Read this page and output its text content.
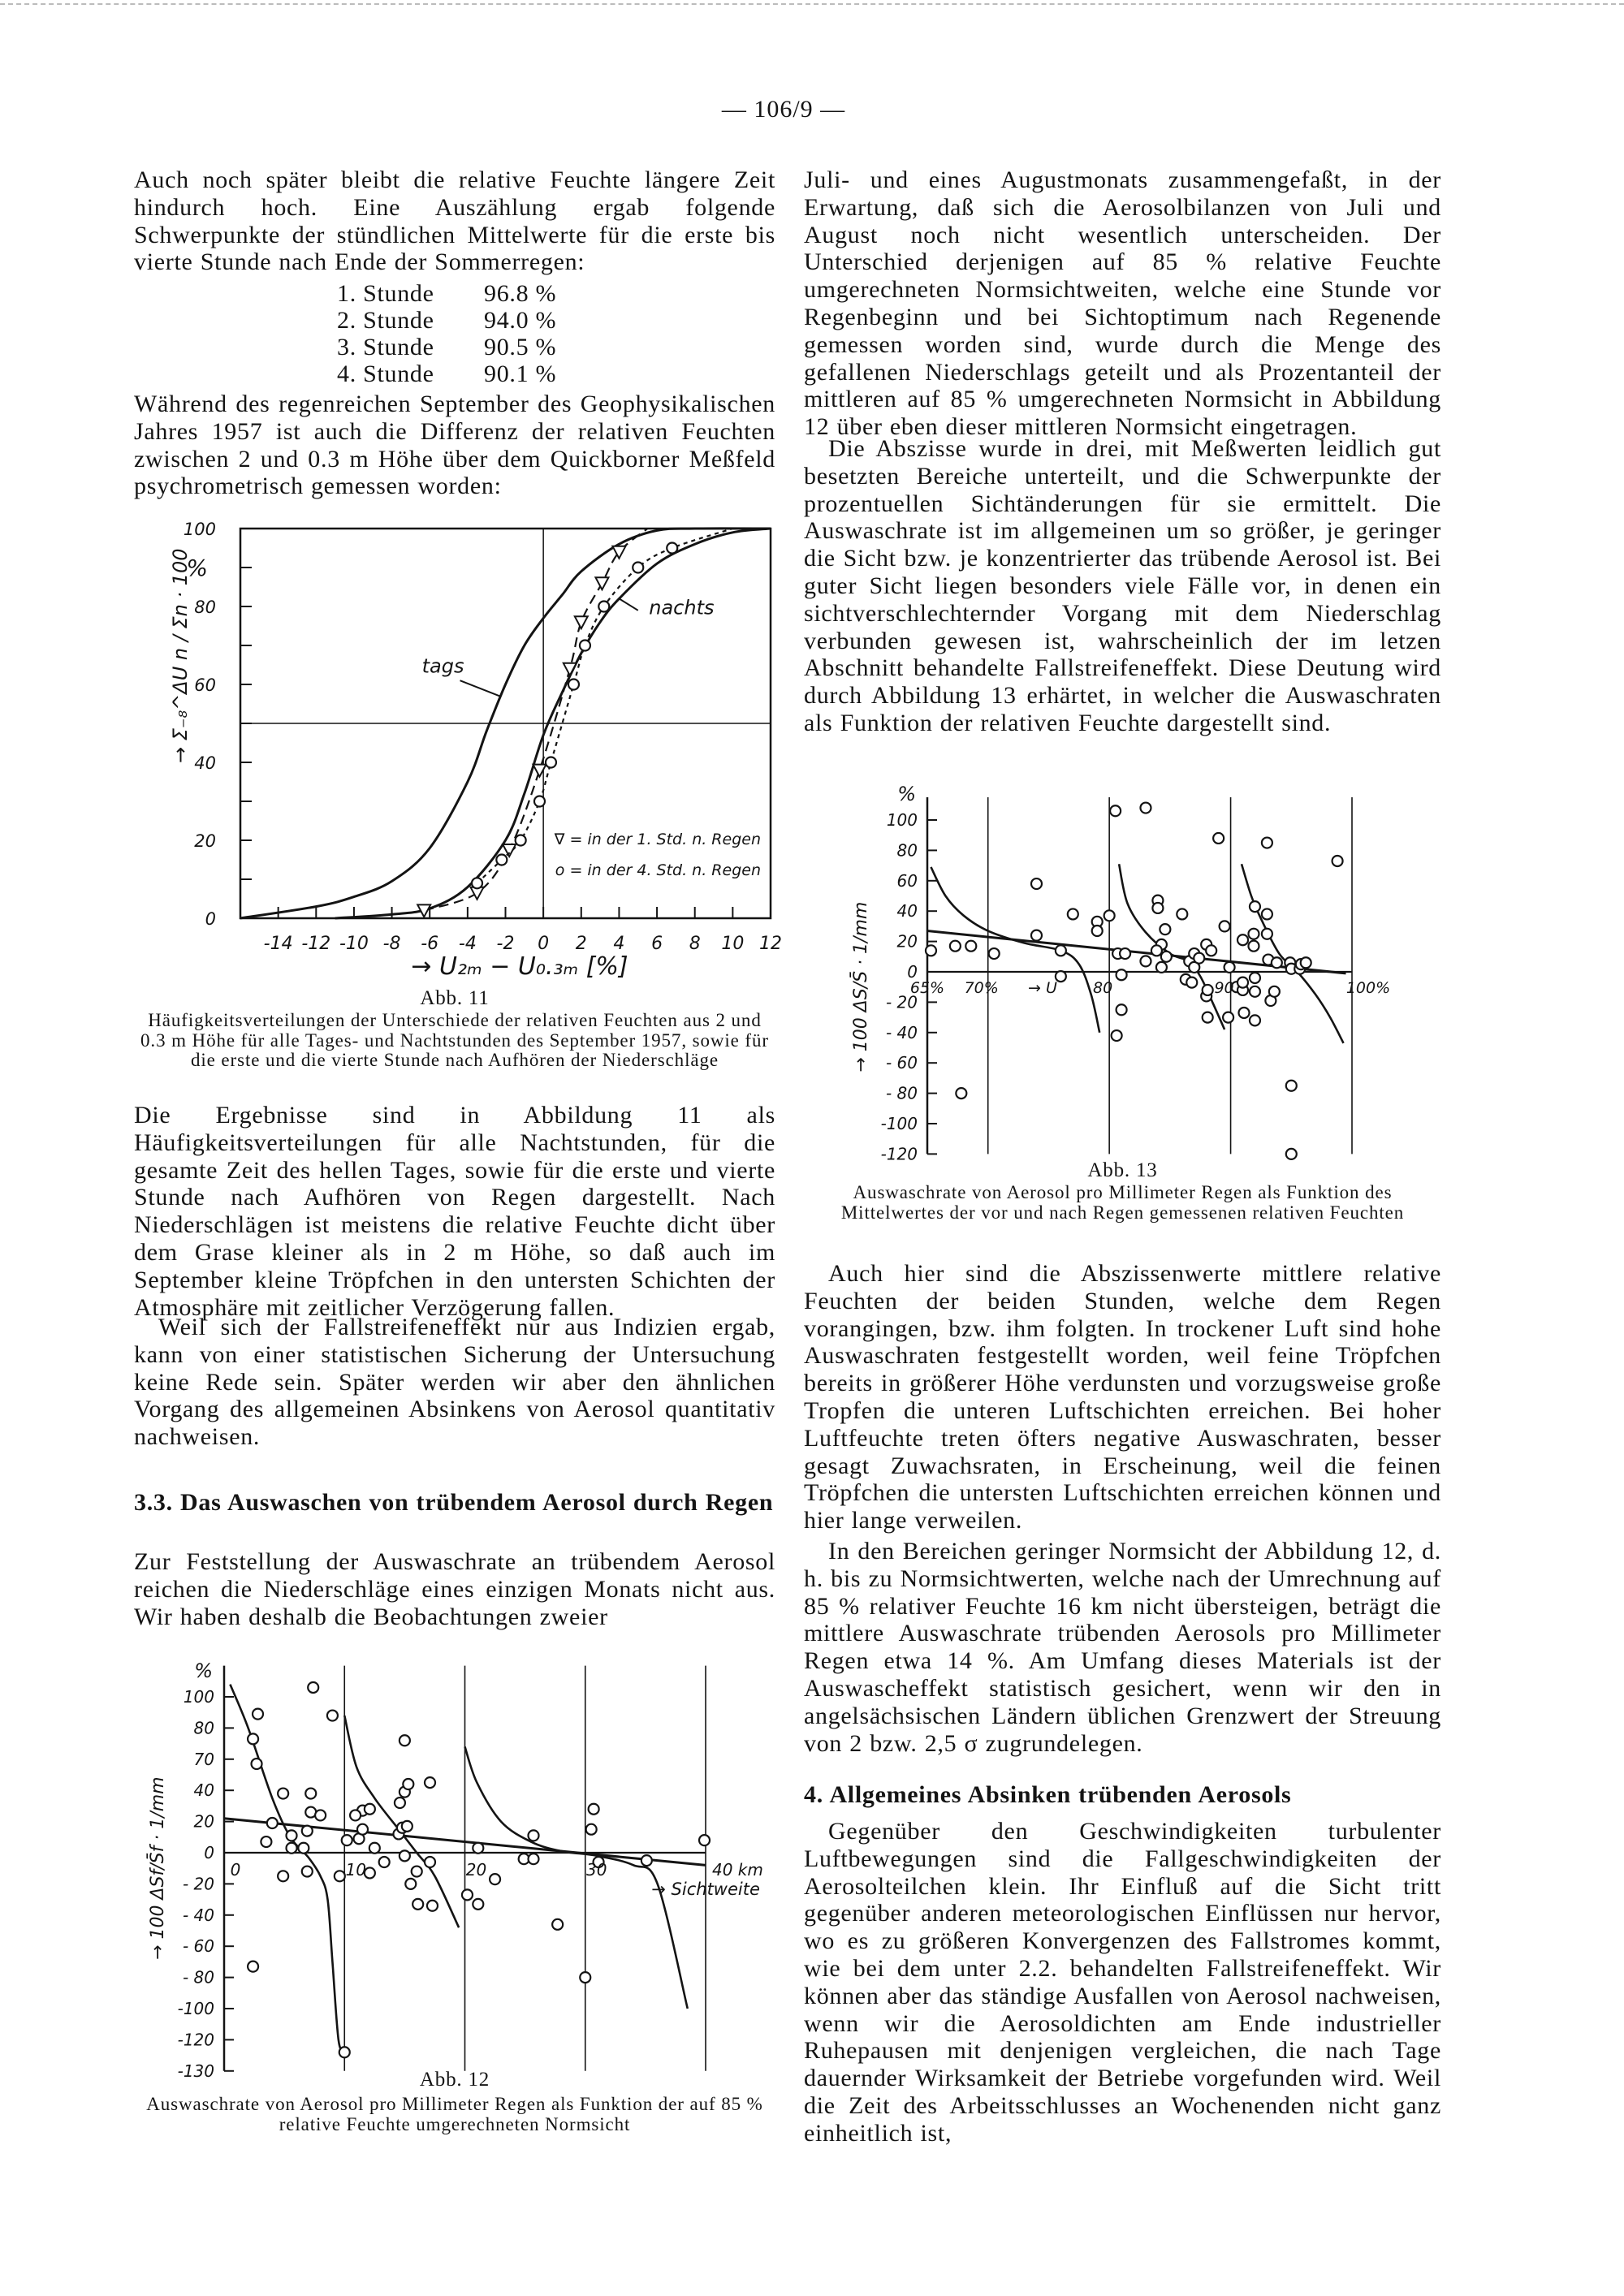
— 106/9 —

Auch noch später bleibt die relative Feuchte längere Zeit hindurch hoch. Eine Auszählung ergab folgende Schwerpunkte der stündlichen Mittelwerte für die erste bis vierte Stunde nach Ende der Sommerregen:

1. Stunde	96.8 %
2. Stunde	94.0 %
3. Stunde	90.5 %
4. Stunde	90.1 %

Während des regenreichen September des Geophysikalischen Jahres 1957 ist auch die Differenz der relativen Feuchten zwischen 2 und 0.3 m Höhe über dem Quickborner Meßfeld psychrometrisch gemessen worden:

Abb. 11
Häufigkeitsverteilungen der Unterschiede der relativen Feuchten aus 2 und 0.3 m Höhe für alle Tages- und Nachtstunden des September 1957, sowie für die erste und die vierte Stunde nach Aufhören der Niederschläge

Die Ergebnisse sind in Abbildung 11 als Häufigkeitsverteilungen für alle Nachtstunden, für die gesamte Zeit des hellen Tages, sowie für die erste und vierte Stunde nach Aufhören von Regen dargestellt. Nach Niederschlägen ist meistens die relative Feuchte dicht über dem Grase kleiner als in 2 m Höhe, so daß auch im September kleine Tröpfchen in den untersten Schichten der Atmosphäre mit zeitlicher Verzögerung fallen.

Weil sich der Fallstreifeneffekt nur aus Indizien ergab, kann von einer statistischen Sicherung der Untersuchung keine Rede sein. Später werden wir aber den ähnlichen Vorgang des allgemeinen Absinkens von Aerosol quantitativ nachweisen.

3.3. Das Auswaschen von trübendem Aerosol durch Regen

Zur Feststellung der Auswaschrate an trübendem Aerosol reichen die Niederschläge eines einzigen Monats nicht aus. Wir haben deshalb die Beobachtungen zweier

Abb. 12
Auswaschrate von Aerosol pro Millimeter Regen als Funktion der auf 85 % relative Feuchte umgerechneten Normsicht

Juli- und eines Augustmonats zusammengefaßt, in der Erwartung, daß sich die Aerosolbilanzen von Juli und August noch nicht wesentlich unterscheiden. Der Unterschied derjenigen auf 85 % relative Feuchte umgerechneten Normsichtweiten, welche eine Stunde vor Regenbeginn und bei Sichtoptimum nach Regenende gemessen worden sind, wurde durch die Menge des gefallenen Niederschlags geteilt und als Prozentanteil der mittleren auf 85 % umgerechneten Normsicht in Abbildung 12 über eben dieser mittleren Normsicht eingetragen.

Die Abszisse wurde in drei, mit Meßwerten leidlich gut besetzten Bereiche unterteilt, und die Schwerpunkte der prozentuellen Sichtänderungen für sie ermittelt. Die Auswaschrate ist im allgemeinen um so größer, je geringer die Sicht bzw. je konzentrierter das trübende Aerosol ist. Bei guter Sicht liegen besonders viele Fälle vor, in denen ein sichtverschlechternder Vorgang mit dem Niederschlag verbunden gewesen ist, wahrscheinlich der im letzen Abschnitt behandelte Fallstreifeneffekt. Diese Deutung wird durch Abbildung 13 erhärtet, in welcher die Auswaschraten als Funktion der relativen Feuchte dargestellt sind.

Abb. 13
Auswaschrate von Aerosol pro Millimeter Regen als Funktion des Mittelwertes der vor und nach Regen gemessenen relativen Feuchten

Auch hier sind die Abszissenwerte mittlere relative Feuchten der beiden Stunden, welche dem Regen vorangingen, bzw. ihm folgten. In trockener Luft sind hohe Auswaschraten festgestellt worden, weil feine Tröpfchen bereits in größerer Höhe verdunsten und vorzugsweise große Tropfen die unteren Luftschichten erreichen. Bei hoher Luftfeuchte treten öfters negative Auswaschraten, besser gesagt Zuwachsraten, in Erscheinung, weil die feinen Tröpfchen die untersten Luftschichten erreichen können und hier lange verweilen.

In den Bereichen geringer Normsicht der Abbildung 12, d. h. bis zu Normsichtwerten, welche nach der Umrechnung auf 85 % relativer Feuchte 16 km nicht übersteigen, beträgt die mittlere Auswaschrate trübenden Aerosols pro Millimeter Regen etwa 14 %. Am Umfang dieses Materials ist der Auswascheffekt statistisch gesichert, wenn wir den in angelsächsischen Ländern üblichen Grenzwert der Streuung von 2 bzw. 2,5 σ zugrundelegen.

4. Allgemeines Absinken trübenden Aerosols

Gegenüber den Geschwindigkeiten turbulenter Luftbewegungen sind die Fallgeschwindigkeiten der Aerosolteilchen klein. Ihr Einfluß auf die Sicht tritt gegenüber anderen meteorologischen Einflüssen nur hervor, wo es zu größeren Konvergenzen des Fallstromes kommt, wie bei dem unter 2.2. behandelten Fallstreifeneffekt. Wir können aber das ständige Ausfallen von Aerosol nachweisen, wenn wir die Aerosoldichten am Ende industrieller Ruhepausen mit denjenigen vergleichen, die nach Tage dauernder Wirksamkeit der Betriebe vorgefunden wird. Weil die Zeit des Arbeitsschlusses an Wochenenden nicht ganz einheitlich ist,

-14 -12 -10 -8 -6 -4 -2 0 2 4 6 8 10 12
0
20
40
60
80
100
%
→ Σ₋₈^ΔU n / Σn · 100
→ U₂ₘ − U₀.₃ₘ [%]
tags
nachts
∇ = in der 1. Std. n. Regen
o = in der 4. Std. n. Regen
100
80
70
40
20
0
- 20
- 40
- 60
- 80
-100
-120
-130
%
→ 100 ΔSf/S̄f · 1/mm	0	10	20	30	40 km
→ Sichtweite
100
80
60
40
20
0
- 20
- 40
- 60
- 80
-100
-120
%
→ 100 ΔS/S̄ · 1/mm	65% 70%	80	90	100%
→ U
